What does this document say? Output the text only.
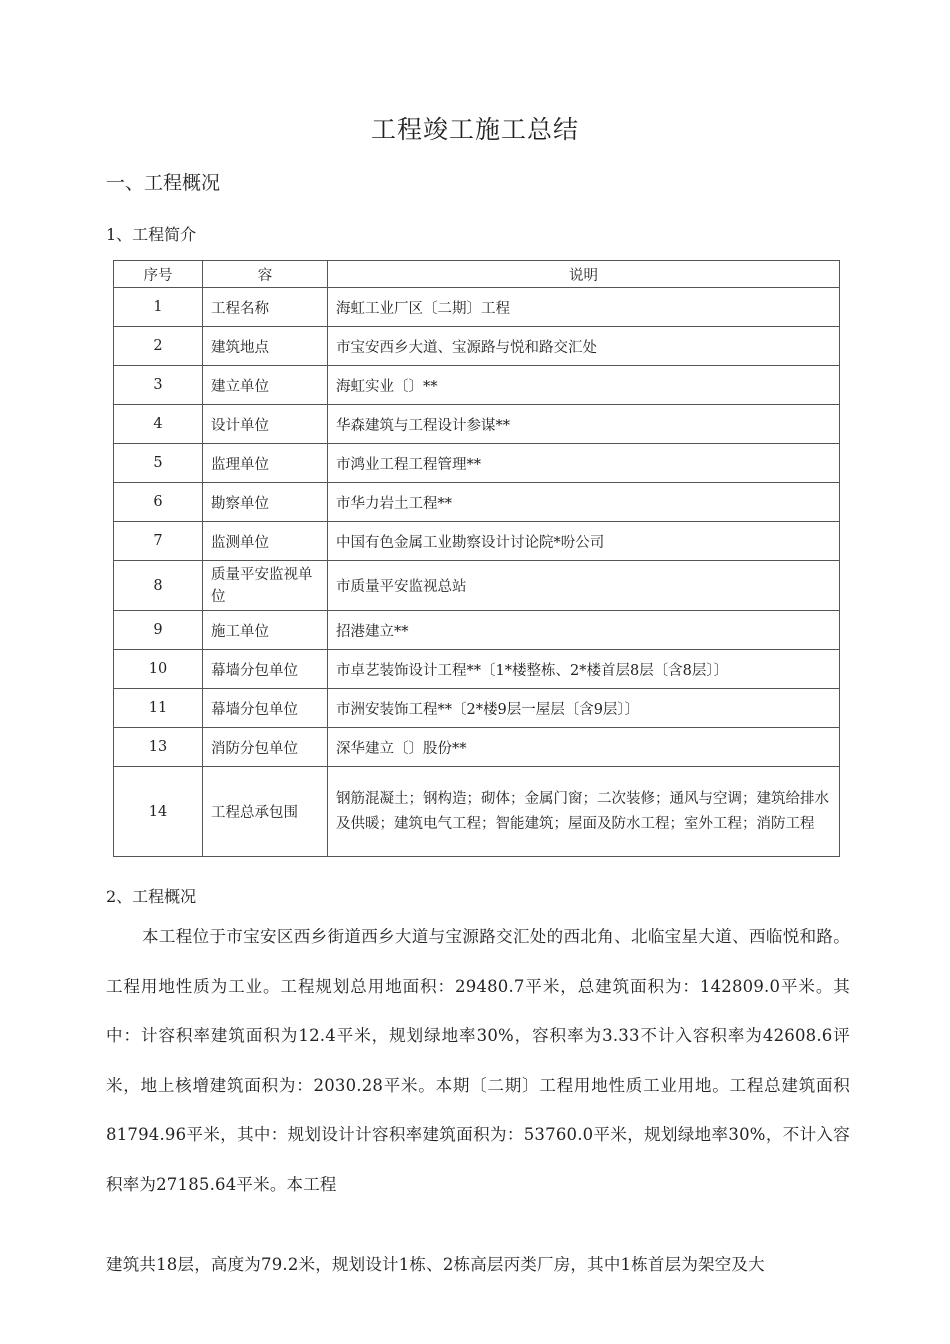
工程竣工施工总结
一、工程概况
1、工程简介
序号	容	说明
1	工程名称	海虹工业厂区〔二期〕工程
2	建筑地点	市宝安西乡大道、宝源路与悦和路交汇处
3	建立单位	海虹实业〔〕**
4	设计单位	华森建筑与工程设计参谋**
5	监理单位	市鸿业工程工程管理**
6	勘察单位	市华力岩土工程**
7	监测单位	中国有色金属工业勘察设计讨论院*吩公司
8	质量平安监视单位	市质量平安监视总站
9	施工单位	招港建立**
10	幕墙分包单位	市卓艺装饰设计工程**〔1*楼整栋、2*楼首层8层〔含8层〕〕
11	幕墙分包单位	市洲安装饰工程**〔2*楼9层一屋层〔含9层〕〕
13	消防分包单位	深华建立〔〕股份**
14	工程总承包围	钢筋混凝土；钢构造；砌体；金属门窗；二次装修；通风与空调；建筑给排水及供暖；建筑电气工程；智能建筑；屋面及防水工程；室外工程；消防工程
2、工程概况
本工程位于市宝安区西乡街道西乡大道与宝源路交汇处的西北角、北临宝星大道、西临悦和路。工程用地性质为工业。工程规划总用地面积：29480.7平米，总建筑面积为：142809.0平米。其中：计容积率建筑面积为12.4平米，规划绿地率30%，容积率为3.33不计入容积率为42608.6评米，地上核增建筑面积为：2030.28平米。本期〔二期〕工程用地性质工业用地。工程总建筑面积81794.96平米，其中：规划设计计容积率建筑面积为：53760.0平米，规划绿地率30%，不计入容积率为27185.64平米。本工程
建筑共18层，高度为79.2米，规划设计1栋、2栋高层丙类厂房，其中1栋首层为架空及大
